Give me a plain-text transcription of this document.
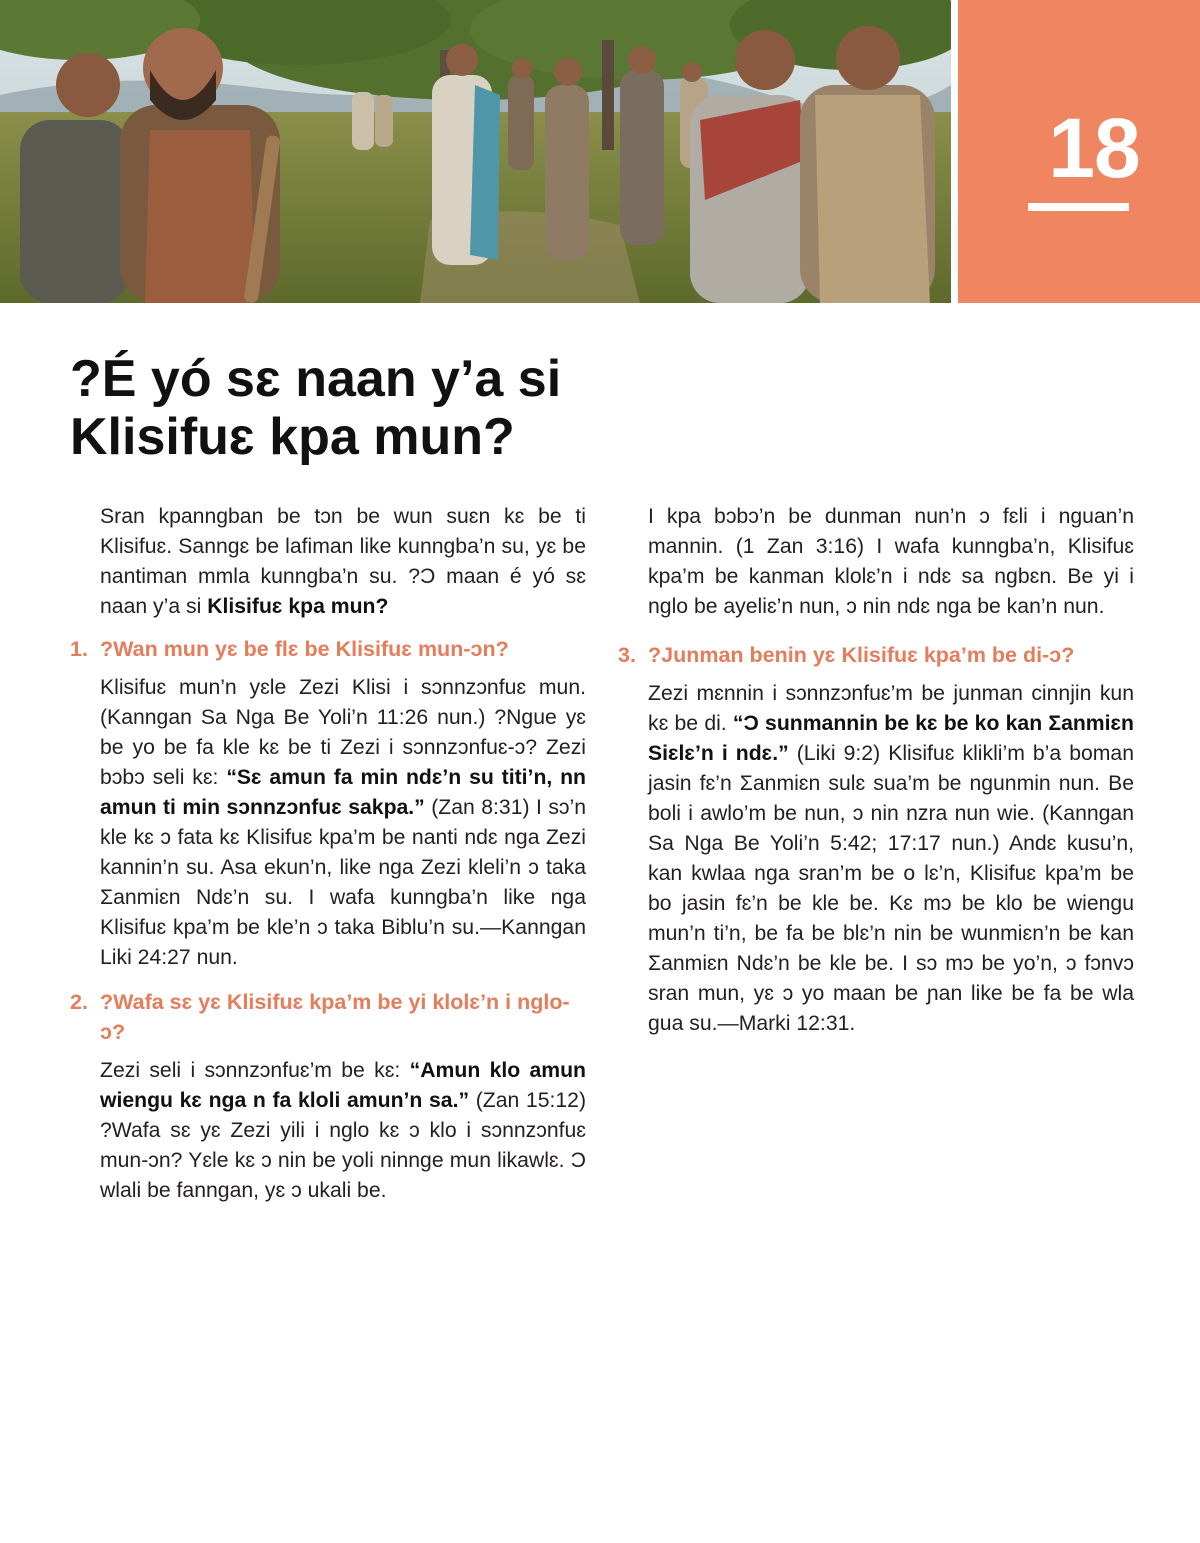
18
?É yó sɛ naan y’a si
Klisifuɛ kpa mun?

Sran kpanngban be tɔn be wun suɛn kɛ be ti Klisifuɛ. Sanngɛ be lafiman like kunngba’n su, yɛ be nantiman mmla kunngba’n su. ?Ɔ maan é yó sɛ naan y’a si Klisifuɛ kpa mun?

1. ?Wan mun yɛ be flɛ be Klisifuɛ mun-ɔn?

Klisifuɛ mun’n yɛle Zezi Klisi i sɔnnzɔnfuɛ mun. (Kanngan Sa Nga Be Yoli’n 11:26 nun.) ?Ngue yɛ be yo be fa kle kɛ be ti Zezi i sɔnnzɔnfuɛ-ɔ? Zezi bɔbɔ seli kɛ: “Sɛ amun fa min ndɛ’n su titi’n, nn amun ti min sɔnnzɔnfuɛ sakpa.” (Zan 8:31) I sɔ’n kle kɛ ɔ fata kɛ Klisifuɛ kpa’m be nanti ndɛ nga Zezi kannin’n su. Asa ekun’n, like nga Zezi kleli’n ɔ taka Ʃanmiɛn Ndɛ’n su. I wafa kunngba’n like nga Klisifuɛ kpa’m be kle’n ɔ taka Biblu’n su.—Kanngan Liki 24:27 nun.

2. ?Wafa sɛ yɛ Klisifuɛ kpa’m be yi klolɛ’n i nglo-ɔ?

Zezi seli i sɔnnzɔnfuɛ’m be kɛ: “Amun klo amun wiengu kɛ nga n fa kloli amun’n sa.” (Zan 15:12) ?Wafa sɛ yɛ Zezi yili i nglo kɛ ɔ klo i sɔnnzɔnfuɛ mun-ɔn? Yɛle kɛ ɔ nin be yoli ninnge mun likawlɛ. Ɔ wlali be fanngan, yɛ ɔ ukali be.

I kpa bɔbɔ’n be dunman nun’n ɔ fɛli i nguan’n mannin. (1 Zan 3:16) I wafa kunngba’n, Klisifuɛ kpa’m be kanman klolɛ’n i ndɛ sa ngbɛn. Be yi i nglo be ayeliɛ’n nun, ɔ nin ndɛ nga be kan’n nun.

3. ?Junman benin yɛ Klisifuɛ kpa’m be di-ɔ?

Zezi mɛnnin i sɔnnzɔnfuɛ’m be junman cinnjin kun kɛ be di. “Ɔ sunmannin be kɛ be ko kan Ʃanmiɛn Siɛlɛ’n i ndɛ.” (Liki 9:2) Klisifuɛ klikli’m b’a boman jasin fɛ’n Ʃanmiɛn sulɛ sua’m be ngunmin nun. Be boli i awlo’m be nun, ɔ nin nzra nun wie. (Kanngan Sa Nga Be Yoli’n 5:42; 17:17 nun.) Andɛ kusu’n, kan kwlaa nga sran’m be o lɛ’n, Klisifuɛ kpa’m be bo jasin fɛ’n be kle be. Kɛ mɔ be klo be wiengu mun’n ti’n, be fa be blɛ’n nin be wunmiɛn’n be kan Ʃanmiɛn Ndɛ’n be kle be. I sɔ mɔ be yo’n, ɔ fɔnvɔ sran mun, yɛ ɔ yo maan be ɲan like be fa be wla gua su.—Marki 12:31.
